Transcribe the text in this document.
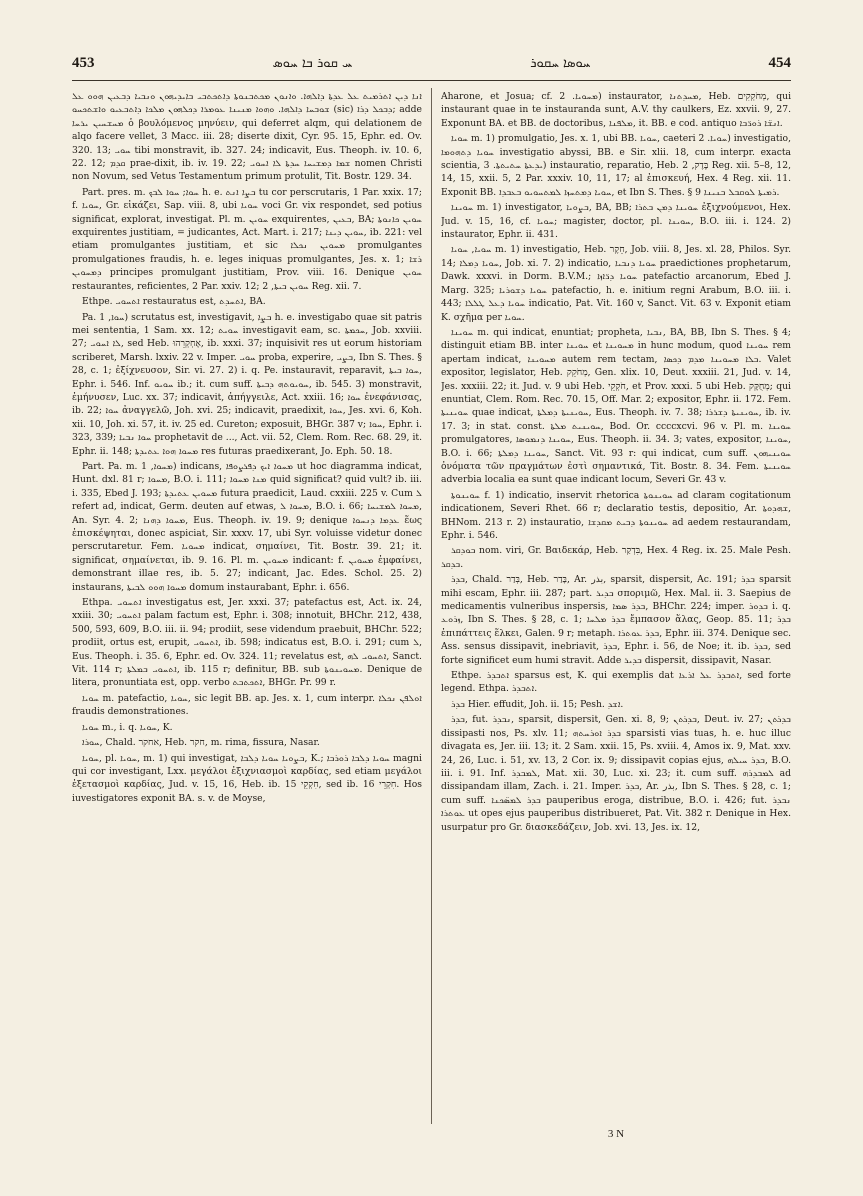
453	ܚ ܩܘܪ ܒܐ ܚܘܣ	ܚܘܣܐ ܚܩܘܪ	454

ܐܢܐ ܕܝܢ ܐܬܪܡܝܬ ܥܠ ܥܕܬܐ ܕܐܠܗܐ. ܘܐܢܘܢ ܡܟܬܒܢܘܬܐ ܕܐܬܟܬܒܝ ܒܐܝܕܝܗܘܢ ܘܢܒܝܐ ܕܒܥܝܢ ܗܘܘ ܥܠ ܫܘܒܚܐ ܕܐܠܗܐ. ܘܗܘܐ ܡܢܝܢܐ ܥܘܡܪܐ ܕܟܠܗܘܢ ܡܠܟܐ ܕܐܬܒܥܝܘ ܘܐܫܬܟܚܘ (sic) ܕܒܟܠ ܕܪܐ; adde ܡܚܫܚܝܢ ܝܪܚܐ ὁ βουλόμενος μηνύειν, qui deferret alqm, qui delationem de alqo facere vellet, 3 Macc. iii. 28; diserte dixit, Cyr. 95. 15, Ephr. ed. Ov. 320. 13; ܚܘܝ tibi monstravit, ib. 327. 24; indicavit, Eus. Theoph. iv. 10. 6, 22. 12; ܩܕܡ prae-dixit, ib. iv. 19. 22; ܫܡܐ ܕܡܫܝܚܐ ܚܕܬܐ ܠܐ ܐܚܘܝ nomen Christi non Novum, sed Vetus Testamentum primum protulit, Tit. Bostr. 129. 34.

Part. pres. m. ܚܘܐ; ܚܘܐ ܠܒܟ h. e. ܒܨܐ ܐܢܬ tu cor perscrutaris, 1 Par. xxix. 17; f. ܚܘܝܐ, Gr. εἰκάζει, Sap. viii. 8, ubi ܚܘܝܐ voci Gr. vix respondet, sed potius significat, explorat, investigat. Pl. m. ܚܘܝܢ exquirentes, ܒܥܝܢ, BA; ܚܘܝܢ ܟܐܢܘܬܐ exquirentes justitiam, = judicantes, Act. Mart. i. 217; ܚܘܝܢ ܕܝܢܐ, ib. 221: vel etiam promulgantes justitiam, et sic ܡܚܘܝܢ ܢܟܠܐ promulgantes promulgationes fraudis, h. e. leges iniquas promulgantes, Jes. x. 1; ܪܫܐ ܕܡܚܘܝܢ principes promulgant justitiam, Prov. viii. 16. Denique ܚܘܝܢ restaurantes, reficientes, 2 Par. xxiv. 12; ܚܘܝܢ ܒܝܬܐ, 2 Reg. xii. 7.

Ethpe. ܐܬܚܘܝ restauratus est, ܐܬܚܕܬ, BA.

Pa. ܚܘܐ, 1) scrutatus est, investigavit, ܒܨܐ h. e. investigabo quae sit patris mei sententia, 1 Sam. xx. 12; ܚܘܝܬ investigavit eam, sc. ܚܟܡܬܐ, Job. xxviii. 27; ܠܐ ܐܚܘܝ, sed Heb. אֶחְקְרֵהוּ, ib. xxxi. 37; inquisivit res ut eorum historiam scriberet, Marsh. lxxiv. 22 v. Imper. ܚܘܝ proba, experire, ܒܨܝ, Ibn S. Thes. § 28, c. 1; ἐξίχνευσον, Sir. vi. 27. 2) i. q. Pe. instauravit, reparavit, ܚܘܐ ܒܝܬܐ, Ephr. i. 546. Inf. ܚܘܝܘ ib.; it. cum suff. ܚܘܝܘܬܗ ܕܒܝܬܐ, ib. 545. 3) monstravit, ἐμήνυσεν, Luc. xx. 37; indicavit, ἀπήγγειλε, Act. xxiii. 16; ܚܘܐ ἐνεφάνισας, ib. 22; ܚܘܐ ἀναγγελῶ, Joh. xvi. 25; indicavit, praedixit, ܚܘܐ, Jes. xvi. 6, Koh. xii. 10, Joh. xi. 57, it. iv. 25 ed. Cureton; exposuit, BHGr. 387 v; ܚܘܐ, Ephr. i. 323, 339; ܚܘܐ ܢܒܝܐ prophetavit de ..., Act. vii. 52, Clem. Rom. Rec. 68. 29, it. Ephr. ii. 148; ܡܚܘܐ ܗܘܐ ܥܬܝܕܬܐ res futuras praedixerant, Jo. Eph. 50. 18.

Part. Pa. m. ܡܚܘܐ, 1) indicans, ܡܚܘܐ ܐܝܟ ܕܦܪܨܘܦܐ ut hoc diagramma indicat, Hunt. dxl. 81 r; ܡܚܘܐ, B.O. i. 111; ܡܢܐ ܡܚܘܐ quid significat? quid vult? ib. iii. i. 335, Ebed J. 193; ܡܚܘܝܢ ܥܬܝܕܬܐ futura praedicit, Laud. cxxiii. 225 v. Cum ܠ refert ad, indicat, Germ. deuten auf etwas, ܡܚܘܐ ܠ, B.O. i. 66; ܡܚܘܐ ܠܡܫܝܚܐ, An. Syr. 4. 2; ܡܚܘܐ ܕܗܢܐ, Eus. Theoph. iv. 19. 9; denique ܥܕܡܐ ܕܢܚܘܐ ἕως ἐπισκέψηται, donec aspiciat, Sir. xxxv. 17, ubi Syr. voluisse videtur donec perscrutaretur. Fem. ܡܚܘܝܐ indicat, σημαίνει, Tit. Bostr. 39. 21; it. significat, σημαίνεται, ib. 9. 16. Pl. m. ܡܚܘܝܢ indicant: f. ܡܚܘܝܢ ἐμφαίνει, demonstrant illae res, ib. 5. 27; indicant, Jac. Edes. Schol. 25. 2) instaurans, ܡܚܘܐ ܗܘܘ ܠܒܝܬܐ domum instaurabant, Ephr. i. 656.

Ethpa. ܐܬܚܘܝ investigatus est, Jer. xxxi. 37; patefactus est, Act. ix. 24, xxiii. 30; ܐܬܚܘܝ palam factum est, Ephr. i. 308; innotuit, BHChr. 212, 438, 500, 593, 609, B.O. iii. ii. 94; prodiit, sese videndum praebuit, BHChr. 522; prodiit, ortus est, erupit, ܐܬܚܘܝ, ib. 598; indicatus est, B.O. i. 291; cum ܠ, Eus. Theoph. i. 35. 6, Ephr. ed. Ov. 324. 11; revelatus est, ܐܬܚܘܝ ܠܗ, Sanct. Vit. 114 r; ܐܬܚܘܝ ܒܡܠܬܐ, ib. 115 r; definitur, BB. sub ܡܚܘܝܢܘܬܐ. Denique de litera, pronuntiata est, opp. verbo ܐܬܟܬܒܬ, BHGr. Pr. 99 r.

ܚܘܝܐ m. patefactio, ܚܘܝܐ, sic legit BB. ap. Jes. x. 1, cum interpr. ܐܘܠܦܢ ܢܟܠܐ fraudis demonstrationes.

ܚܘܝܐ m., i. q. ܚܘܝܐ, K.

ܚܘܪܐ, Chald. אחקר, Heb. חקר, m. rima, fissura, Nasar.

ܚܘܝܐ, pl. ܚܘܝܐ, m. 1) qui investigat, ܒܨܘܝܐ ܚܘܝܐ ܕܠܒܐ, K.; ܚܘܝܐ ܕܠܒܐ ܪܘܪܒܐ magni qui cor investigant, Lxx. μεγάλοι ἐξιχνιασμοὶ καρδίας, sed etiam μεγάλοι ἐξετασμοὶ καρδίας, Jud. v. 15, 16, Heb. ib. 15 חִקְקֵי, sed ib. 16 חִקְרֵי. Hos iuvestigatores exponit BA. s. v. de Moyse,

Aharone, et Josua; cf. ܡܚܘܝܐ. 2) instaurator, ܡܚܕܬܢܐ, Heb. מְחֹקְקִים, qui instaurant quae in te instauranda sunt, A.V. thy caulkers, Ez. xxvii. 9, 27. Exponunt BA. et BB. de doctoribus, ܡܠܦܢܐ, it. BB. e cod. antiquo ܐܢܫ̈ܐ ܪܘܪ̈ܒܐ.

ܚܘܝܐ m. 1) promulgatio, Jes. x. 1, ubi BB. ܚܘܝܐ, caeteri ܚܘܝܐ. 2) investigatio, ܚܘܝܐ ܕܬܗܘܡܐ investigatio abyssi, BB. e Sir. xlii. 18, cum interpr. exacta scientia, ܝܕܥܬܐ ܚܬܝܬܬܐ. 3) instauratio, reparatio, Heb. בֶּדֶק, 2 Reg. xii. 5–8, 12, 14, 15, xxii. 5, 2 Par. xxxiv. 10, 11, 17; al ἐπισκευή, Hex. 4 Reg. xii. 11. Exponit BB. ܚܘܝܐ ܕܡܬܚܙܐ ܠܡܬܚܘܝܘ ܒܥܒܕܐ, et Ibn S. Thes. § 9 ܪܡܝܬܐ ܠܘܩܒܠ ܒܢܝܢܐ.

ܚܘܝܢܐ m. 1) investigator, ܒܨܘܝܐ, BA, BB; ܚܘܝܢܐ ܕܡܢ ܒܬܪܐ ἐξιχνούμενοι, Hex. Jud. v. 15, 16, cf. ܚܘܝܐ; magister, doctor, pl. ܚܘܝܢܐ, B.O. iii. i. 124. 2) instaurator, Ephr. ii. 431.

ܚܘܝܐ, ܚܘܝܐ m. 1) investigatio, Heb. חֵקֶר, Job. viii. 8, Jes. xl. 28, Philos. Syr. 14; ܚܘܝܐ ܕܡܠܐ, Job. xi. 7. 2) indicatio, ܚܘܝܐ ܕܢܒܝܐ praedictiones prophetarum, Dawk. xxxvi. in Dorm. B.V.M.; ܚܘܝܐ ܕܪ̈ܐܙܐ patefactio arcanorum, Ebed J. Marg. 325; ܚܘܝܐ ܕܫܘܪܝܐ patefactio, h. e. initium regni Arabum, B.O. iii. i. 443; ܚܘܝܐ ܕܥܠ ܛܠܠܐ indicatio, Pat. Vit. 160 v, Sanct. Vit. 63 v. Exponit etiam K. σχῆμα per ܚܘܝܐ.

ܚܘܝܢܐ m. qui indicat, enuntiat; propheta, ܢܒܝܐ, BA, BB, Ibn S. Thes. § 4; distinguit etiam BB. inter ܚܘܝܢܐ et ܡܚܘܝܢܐ in hunc modum, quod ܚܘܝܢܐ rem apertam indicat, ܡܚܘܝܢܐ autem rem tectam, ܒܠܐ ܡܚܘܝܢܐ ܡܕܡ ܕܟܣܐ. Valet expositor, legislator, Heb. מְחֹקֵק, Gen. xlix. 10, Deut. xxxiii. 21, Jud. v. 14, Jes. xxxiii. 22; it. Jud. v. 9 ubi Heb. חֹקְקֵי, et Prov. xxxi. 5 ubi Heb. מְחֻקָּק; qui enuntiat, Clem. Rom. Rec. 70. 15, Off. Mar. 2; expositor, Ephr. ii. 172. Fem. ܚܘܝܢܝܬܐ quae indicat, ܚܘܝܢܝܬܐ ܕܡܠܬܐ, Eus. Theoph. iv. 7. 38; ܚܘܝܢܝܬܐ ܕܫܪܪܐ, ib. iv. 17. 3; in stat. const. ܚܘܝܢܝܬ ܡܠܬܐ, Bod. Or. ccccxcvi. 96 v. Pl. m. ܚܘܝܢܐ promulgatores, ܚܘܝܢܐ ܕܢܡܘܣܐ, Eus. Theoph. ii. 34. 3; vates, expositor, ܚܘܝܢܐ, B.O. i. 66; ܚܘܝܢܐ ܕܡܠܬܐ, Sanct. Vit. 93 r: qui indicat, cum suff. ܚܘܝܢܝܗܘܢ ὀνόματα τῶν πραγμάτων ἐστὶ σημαντικά, Tit. Bostr. 8. 34. Fem. ܚܘܝܢܝܬܐ adverbia localia ea sunt quae indicant locum, Severi Gr. 43 v.

ܚܘܝܢܘܬܐ f. 1) indicatio, inservit rhetorica ܚܘܝܢܘܬܐ ad claram cogitationum indicationem, Severi Rhet. 66 r; declaratio testis, depositio, Ar. ܫܗܕܘܬܐ, BHNom. 213 r. 2) instauratio, ܚܘܝܢܘܬܐ ܕܒܝܬ ܡܩܕܫܐ ad aedem restaurandam, Ephr. i. 546.

ܒܘܕܩܪ nom. viri, Gr. Βαιδεκάρ, Heb. בִּדְקַר, Hex. 4 Reg. ix. 25. Male Pesh. ܒܕܩܪ.

ܒܕܪ, Chald. בְּדַר, Heb. בָּדַר, Ar. بذر, sparsit, dispersit, Ac. 191; ܒܕܪ sparsit mihi escam, Ephr. iii. 287; part. ܒܕܝܪ σποριμῶ, Hex. Mal. ii. 3. Saepius de medicamentis vulneribus inspersis, ܒܕܪ ܣܡܐ, BHChr. 224; imper. ܒܕܘܪ i. q. ܙܪܘܥ, Ibn S. Thes. § 28, c. 1; ܒܕܪ ܡܠܚܐ ἔμπασον ἅλας, Geop. 85. 11; ܒܕܪ ἐπιπάττεις ἕλκει, Galen. 9 r; metaph. ܒܕܪ ܥܘܬܪܐ, Ephr. iii. 374. Denique sec. Ass. sensus dissipavit, inebriavit, ܒܕܪ, Ephr. i. 56, de Noe; it. ib. ܒܕܪ, sed forte significet eum humi stravit. Adde ܒܕܝܪ dispersit, dissipavit, Nasar.

Ethpe. ܐܬܒܕܪ sparsus est, K. qui exemplis dat ܐܬܒܕܪ ܥܠ ܐܪܥܐ, sed forte legend. Ethpa. ܐܬܒܕܪ.

ܒܕܪ Hier. effudit, Joh. ii. 15; Pesh. ܐܫܕ.

ܒܕܪ, fut. ܢܒܕܪ, sparsit, dispersit, Gen. xi. 8, 9; ܒܕܪܬܢ, Deut. iv. 27; ܒܕܪܬܢ dissipasti nos, Ps. xlv. 11; ܒܕܪ ܐܘܪܚܬܗ sparsisti vias tuas, h. e. huc illuc divagata es, Jer. iii. 13; it. 2 Sam. xxii. 15, Ps. xviii. 4, Amos ix. 9, Mat. xxv. 24, 26, Luc. i. 51, xv. 13, 2 Cor. ix. 9; dissipavit copias ejus, ܒܕܪ ܚܝܠܗ, B.O. iii. i. 91. Inf. ܠܡܒܕܪ, Mat. xii. 30, Luc. xi. 23; it. cum suff. ܠܡܒܕܪܗ ad dissipandam illam, Zach. i. 21. Imper. ܒܕܪ, Ar. بذر, Ibn S. Thes. § 28, c. 1; cum suff. ܒܕܪ ܠܡܣ̈ܟܢܐ pauperibus eroga, distribue, B.O. i. 426; fut. ܢܒܕܪ ܥܘܬܪܐ ut opes ejus pauperibus distribueret, Pat. Vit. 382 r. Denique in Hex. usurpatur pro Gr. διασκεδάζειν, Job. xvi. 13, Jes. ix. 12,

3 N
